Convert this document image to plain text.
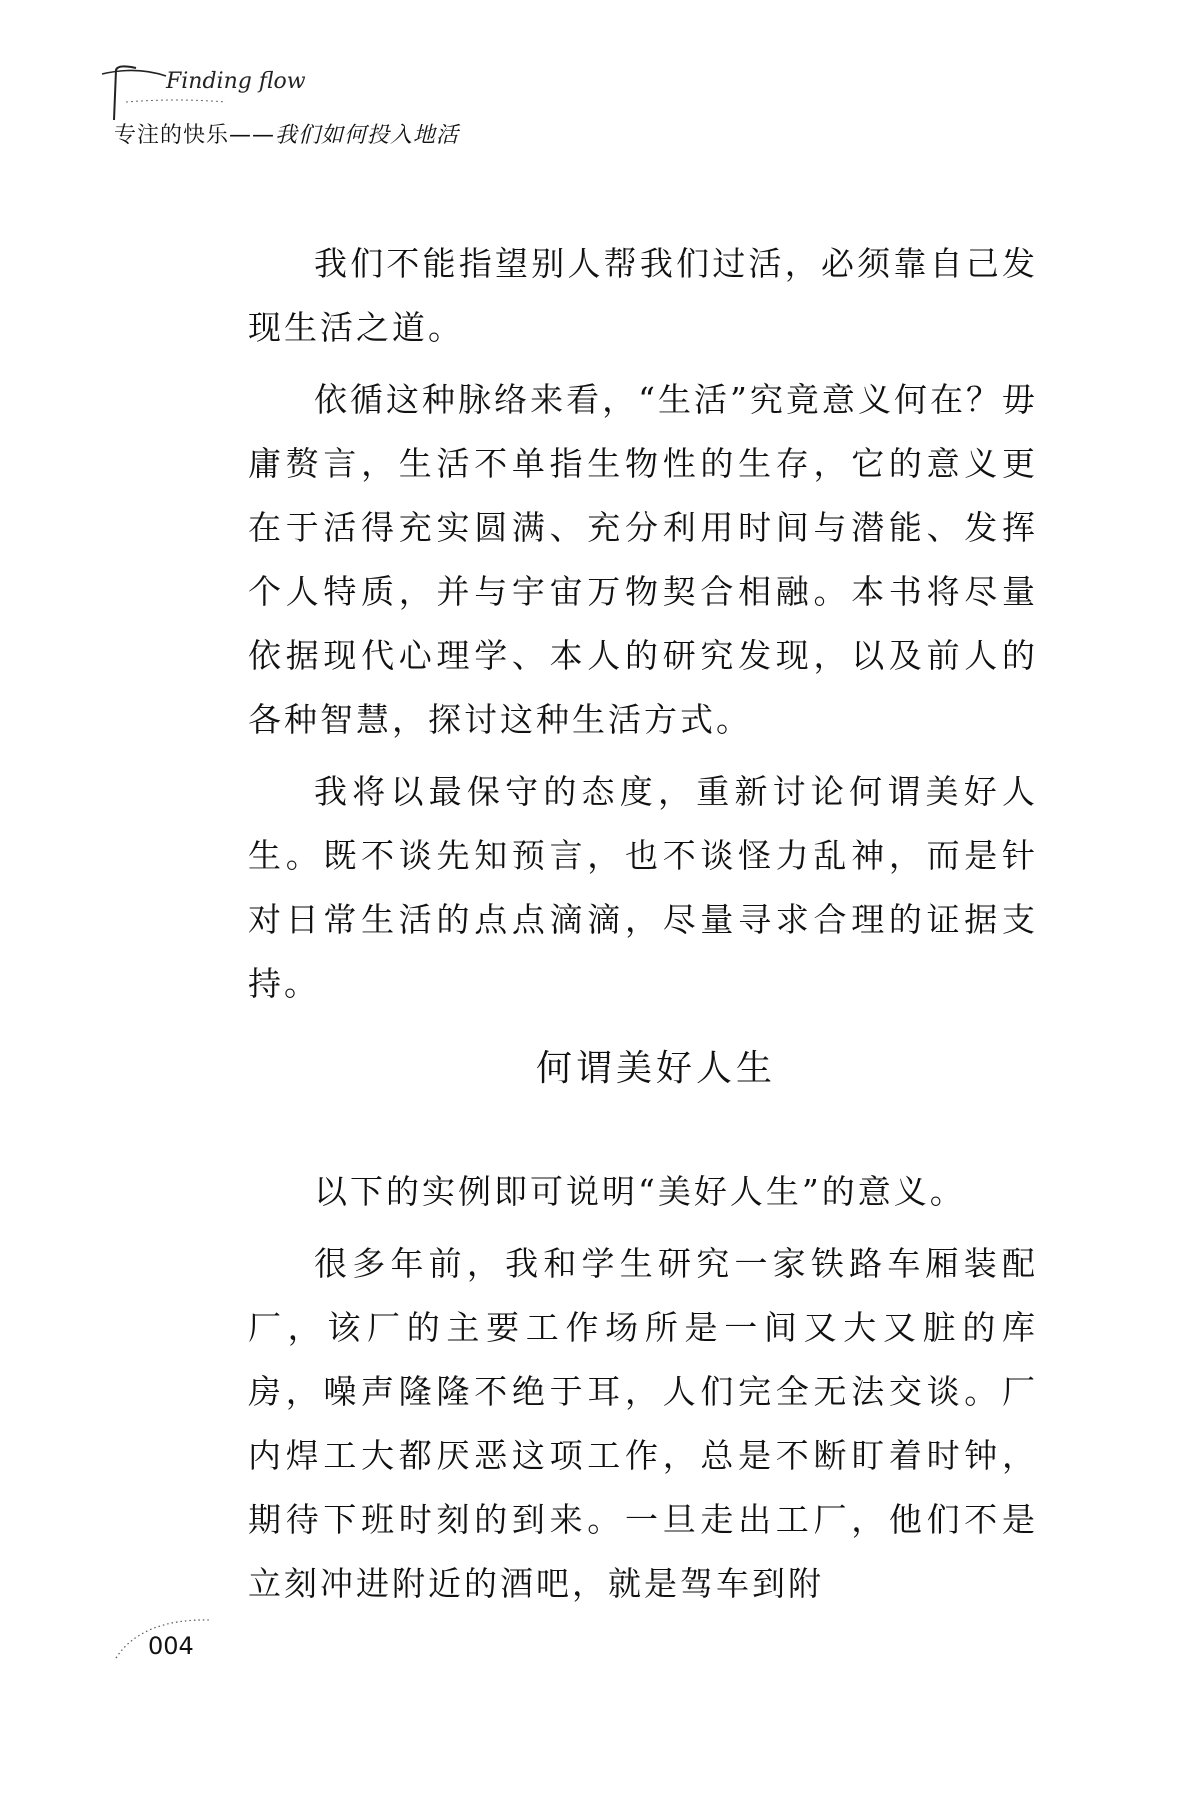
Finding flow
专注的快乐——我们如何投入地活

我们不能指望别人帮我们过活，必须靠自己发现生活之道。

依循这种脉络来看，“生活”究竟意义何在？毋庸赘言，生活不单指生物性的生存，它的意义更在于活得充实圆满、充分利用时间与潜能、发挥个人特质，并与宇宙万物契合相融。本书将尽量依据现代心理学、本人的研究发现，以及前人的各种智慧，探讨这种生活方式。

我将以最保守的态度，重新讨论何谓美好人生。既不谈先知预言，也不谈怪力乱神，而是针对日常生活的点点滴滴，尽量寻求合理的证据支持。

何谓美好人生

以下的实例即可说明“美好人生”的意义。

很多年前，我和学生研究一家铁路车厢装配厂，该厂的主要工作场所是一间又大又脏的库房，噪声隆隆不绝于耳，人们完全无法交谈。厂内焊工大都厌恶这项工作，总是不断盯着时钟，期待下班时刻的到来。一旦走出工厂，他们不是立刻冲进附近的酒吧，就是驾车到附

004
